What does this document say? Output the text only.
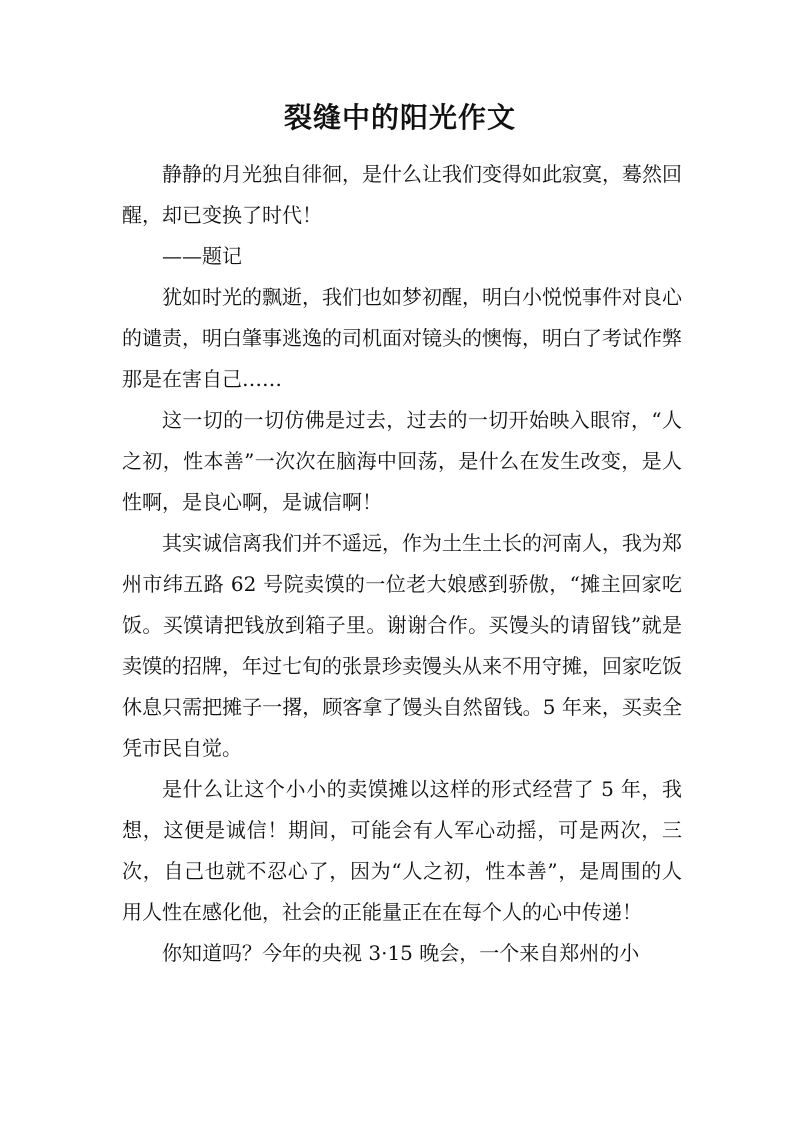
裂缝中的阳光作文

静静的月光独自徘徊，是什么让我们变得如此寂寞，蓦然回醒，却已变换了时代！

——题记

犹如时光的飘逝，我们也如梦初醒，明白小悦悦事件对良心的谴责，明白肇事逃逸的司机面对镜头的懊悔，明白了考试作弊那是在害自己……

这一切的一切仿佛是过去，过去的一切开始映入眼帘，“人之初，性本善”一次次在脑海中回荡，是什么在发生改变，是人性啊，是良心啊，是诚信啊！

其实诚信离我们并不遥远，作为土生土长的河南人，我为郑州市纬五路 62 号院卖馍的一位老大娘感到骄傲，“摊主回家吃饭。买馍请把钱放到箱子里。谢谢合作。买馒头的请留钱”就是卖馍的招牌，年过七旬的张景珍卖馒头从来不用守摊，回家吃饭休息只需把摊子一撂，顾客拿了馒头自然留钱。5 年来，买卖全凭市民自觉。

是什么让这个小小的卖馍摊以这样的形式经营了 5 年，我想，这便是诚信！期间，可能会有人军心动摇，可是两次，三次，自己也就不忍心了，因为“人之初，性本善”，是周围的人用人性在感化他，社会的正能量正在在每个人的心中传递！

你知道吗？今年的央视 3·15 晚会，一个来自郑州的小
